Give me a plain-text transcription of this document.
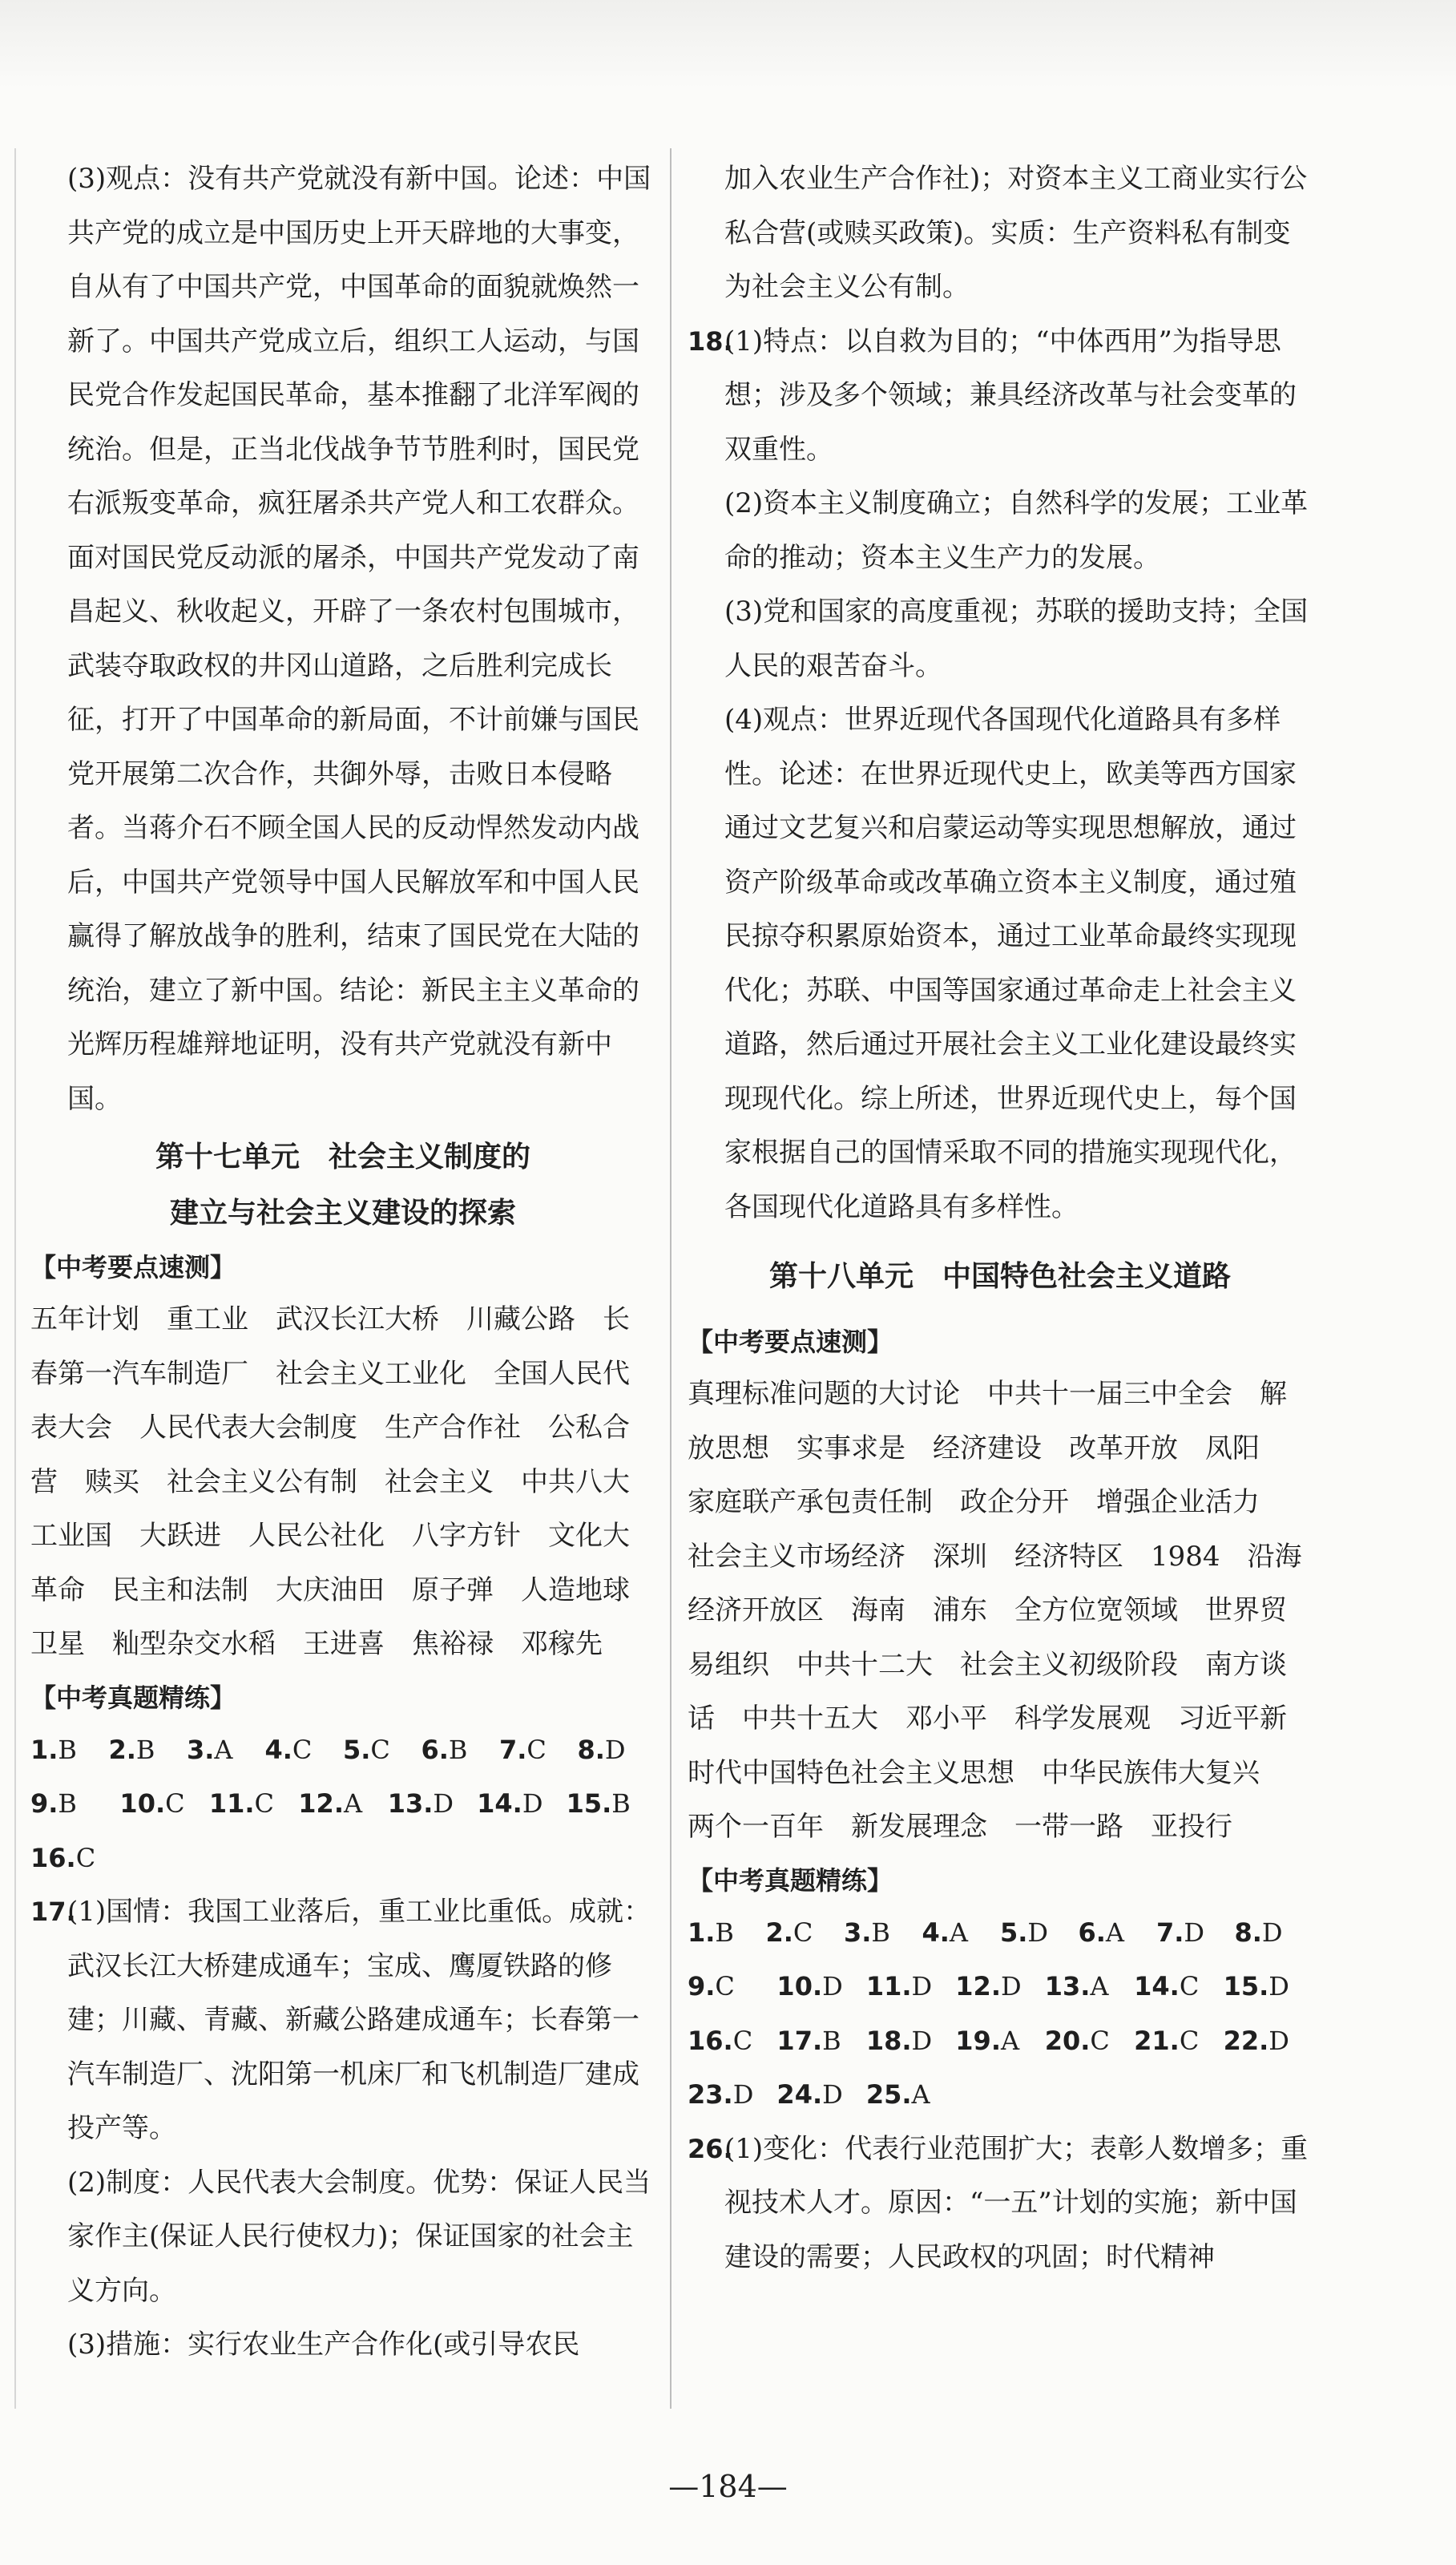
(3)观点：没有共产党就没有新中国。论述：中国共产党的成立是中国历史上开天辟地的大事变，自从有了中国共产党，中国革命的面貌就焕然一新了。中国共产党成立后，组织工人运动，与国民党合作发起国民革命，基本推翻了北洋军阀的统治。但是，正当北伐战争节节胜利时，国民党右派叛变革命，疯狂屠杀共产党人和工农群众。面对国民党反动派的屠杀，中国共产党发动了南昌起义、秋收起义，开辟了一条农村包围城市，武装夺取政权的井冈山道路，之后胜利完成长征，打开了中国革命的新局面，不计前嫌与国民党开展第二次合作，共御外辱，击败日本侵略者。当蒋介石不顾全国人民的反动悍然发动内战后，中国共产党领导中国人民解放军和中国人民赢得了解放战争的胜利，结束了国民党在大陆的统治，建立了新中国。结论：新民主主义革命的光辉历程雄辩地证明，没有共产党就没有新中国。

第十七单元　社会主义制度的

建立与社会主义建设的探索

【中考要点速测】

五年计划　重工业　武汉长江大桥　川藏公路　长春第一汽车制造厂　社会主义工业化　全国人民代表大会　人民代表大会制度　生产合作社　公私合营　赎买　社会主义公有制　社会主义　中共八大　工业国　大跃进　人民公社化　八字方针　文化大革命　民主和法制　大庆油田　原子弹　人造地球卫星　籼型杂交水稻　王进喜　焦裕禄　邓稼先

【中考真题精练】

1.B	2.B	3.A	4.C	5.C	6.B	7.C	8.D
9.B	10.C 11.C 12.A 13.D 14.D 15.B
16.C
17.

(1)国情：我国工业落后，重工业比重低。成就：武汉长江大桥建成通车；宝成、鹰厦铁路的修建；川藏、青藏、新藏公路建成通车；长春第一汽车制造厂、沈阳第一机床厂和飞机制造厂建成投产等。

(2)制度：人民代表大会制度。优势：保证人民当家作主(保证人民行使权力)；保证国家的社会主义方向。

(3)措施：实行农业生产合作化(或引导农民

加入农业生产合作社)；对资本主义工商业实行公私合营(或赎买政策)。实质：生产资料私有制变为社会主义公有制。

18.

(1)特点：以自救为目的；“中体西用”为指导思想；涉及多个领域；兼具经济改革与社会变革的双重性。

(2)资本主义制度确立；自然科学的发展；工业革命的推动；资本主义生产力的发展。

(3)党和国家的高度重视；苏联的援助支持；全国人民的艰苦奋斗。

(4)观点：世界近现代各国现代化道路具有多样性。论述：在世界近现代史上，欧美等西方国家通过文艺复兴和启蒙运动等实现思想解放，通过资产阶级革命或改革确立资本主义制度，通过殖民掠夺积累原始资本，通过工业革命最终实现现代化；苏联、中国等国家通过革命走上社会主义道路，然后通过开展社会主义工业化建设最终实现现代化。综上所述，世界近现代史上，每个国家根据自己的国情采取不同的措施实现现代化，各国现代化道路具有多样性。

第十八单元　中国特色社会主义道路

【中考要点速测】

真理标准问题的大讨论　中共十一届三中全会　解放思想　实事求是　经济建设　改革开放　凤阳　家庭联产承包责任制　政企分开　增强企业活力　社会主义市场经济　深圳　经济特区　1984　沿海经济开放区　海南　浦东　全方位宽领域　世界贸易组织　中共十二大　社会主义初级阶段　南方谈话　中共十五大　邓小平　科学发展观　习近平新时代中国特色社会主义思想　中华民族伟大复兴　两个一百年　新发展理念　一带一路　亚投行

【中考真题精练】

1.B	2.C	3.B	4.A	5.D	6.A	7.D	8.D
9.C	10.D 11.D 12.D 13.A 14.C 15.D
16.C 17.B 18.D 19.A 20.C 21.C 22.D
23.D 24.D 25.A
26.

(1)变化：代表行业范围扩大；表彰人数增多；重视技术人才。原因：“一五”计划的实施；新中国建设的需要；人民政权的巩固；时代精神

—184—
